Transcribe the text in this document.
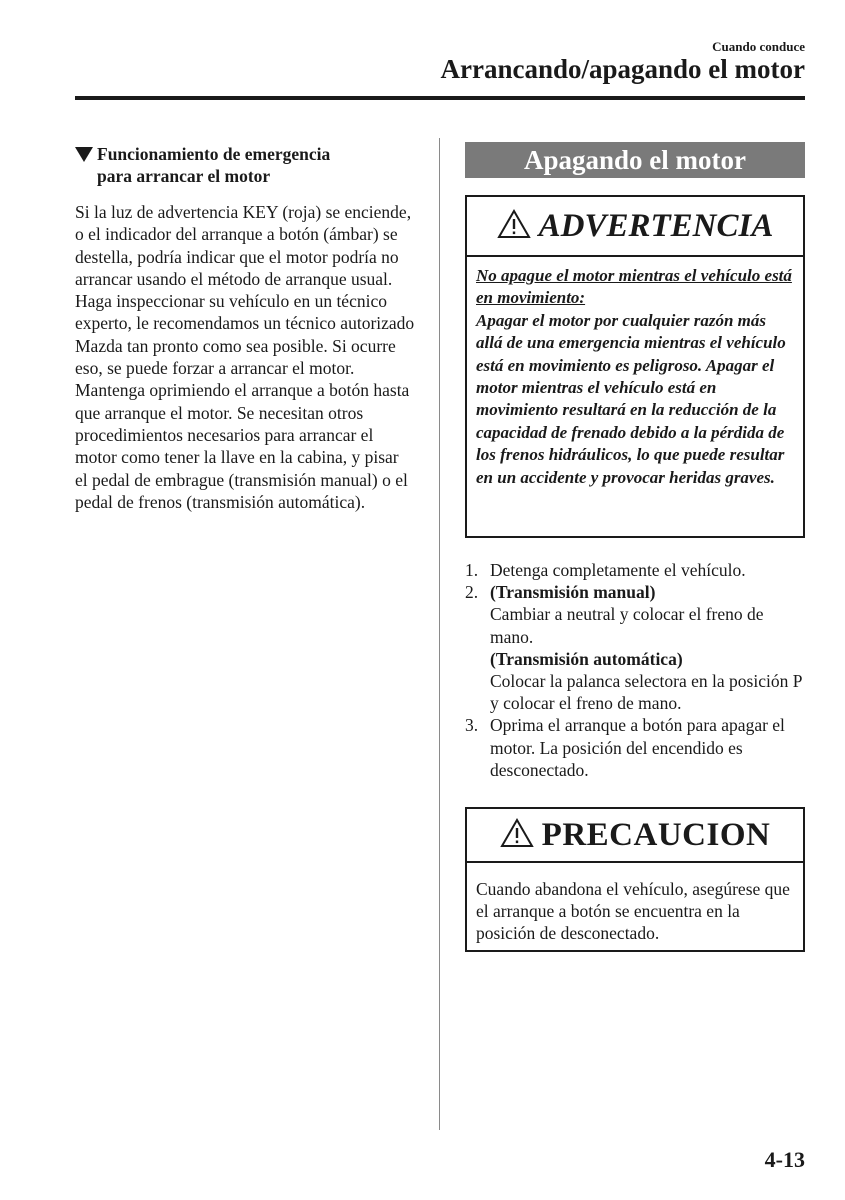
Cuando conduce
Arrancando/apagando el motor
Funcionamiento de emergencia
para arrancar el motor

Si la luz de advertencia KEY (roja) se enciende, o el indicador del arranque a botón (ámbar) se destella, podría indicar que el motor podría no arrancar usando el método de arranque usual. Haga inspeccionar su vehículo en un técnico experto, le recomendamos un técnico autorizado Mazda tan pronto como sea posible. Si ocurre eso, se puede forzar a arrancar el motor. Mantenga oprimiendo el arranque a botón hasta que arranque el motor. Se necesitan otros procedimientos necesarios para arrancar el motor como tener la llave en la cabina, y pisar el pedal de embrague (transmisión manual) o el pedal de frenos (transmisión automática).

Apagando el motor
ADVERTENCIA
No apague el motor mientras el vehículo está en movimiento:
Apagar el motor por cualquier razón más allá de una emergencia mientras el vehículo está en movimiento es peligroso. Apagar el motor mientras el vehículo está en movimiento resultará en la reducción de la capacidad de frenado debido a la pérdida de los frenos hidráulicos, lo que puede resultar en un accidente y provocar heridas graves.
1. Detenga completamente el vehículo.
2. (Transmisión manual)
Cambiar a neutral y colocar el freno de mano.
(Transmisión automática)
Colocar la palanca selectora en la posición P y colocar el freno de mano.
3. Oprima el arranque a botón para apagar el motor. La posición del encendido es desconectado.
PRECAUCION
Cuando abandona el vehículo, asegúrese que el arranque a botón se encuentra en la posición de desconectado.
4-13
